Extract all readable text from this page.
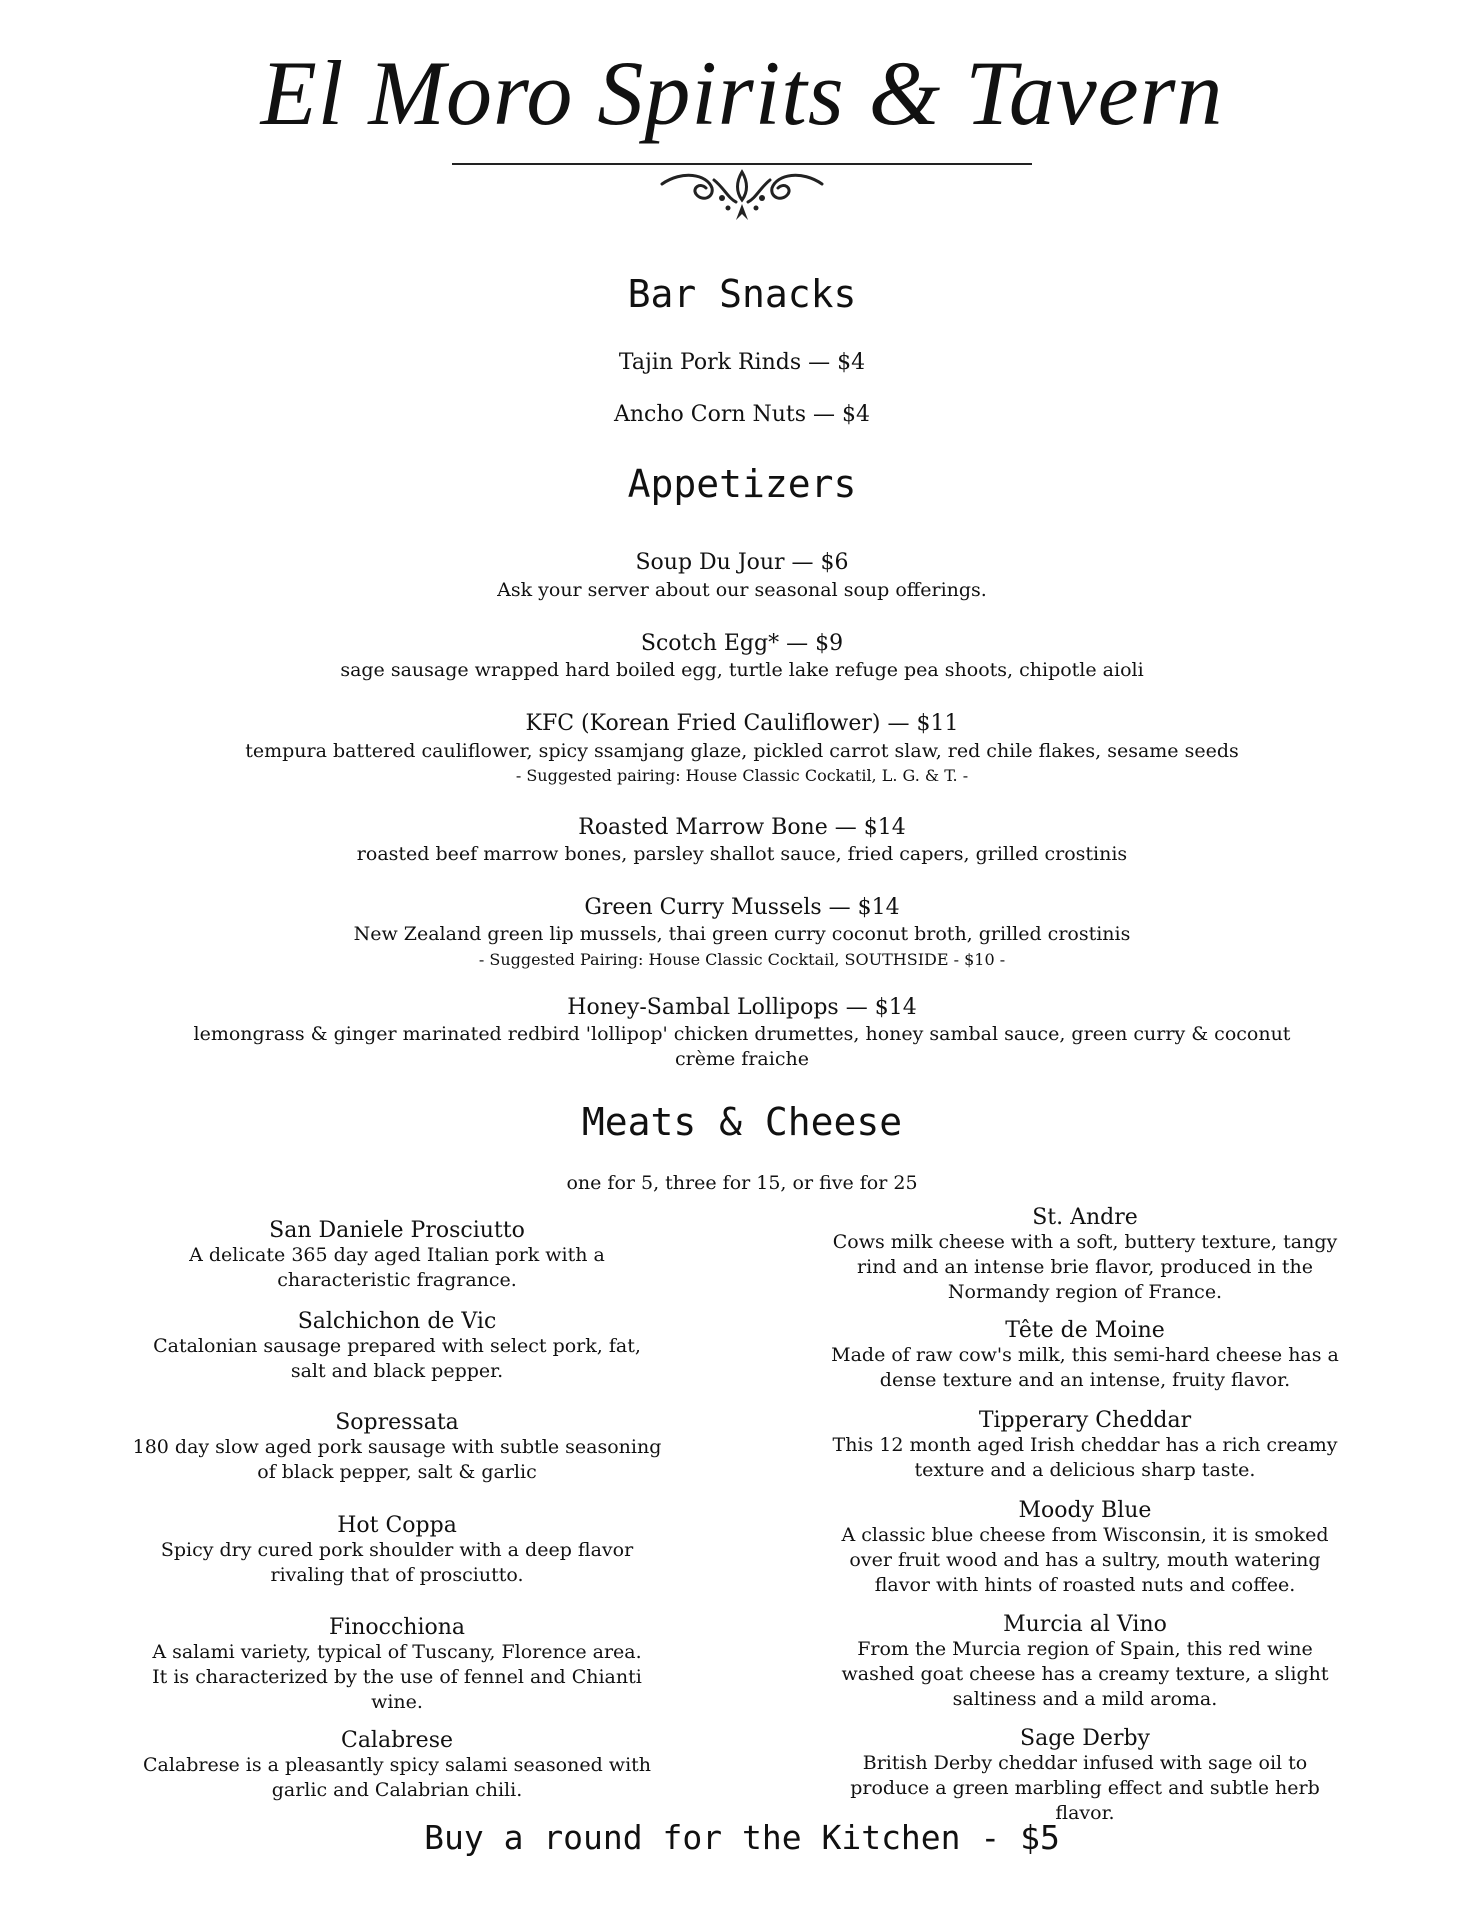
El Moro Spirits & Tavern
Bar Snacks
Tajin Pork Rinds — $4
Ancho Corn Nuts — $4
Appetizers
Soup Du Jour — $6
Ask your server about our seasonal soup offerings.
Scotch Egg* — $9
sage sausage wrapped hard boiled egg, turtle lake refuge pea shoots, chipotle aioli
KFC (Korean Fried Cauliflower) — $11
tempura battered cauliflower, spicy ssamjang glaze, pickled carrot slaw, red chile flakes, sesame seeds
- Suggested pairing: House Classic Cockatil, L. G. & T. -
Roasted Marrow Bone — $14
roasted beef marrow bones, parsley shallot sauce, fried capers, grilled crostinis
Green Curry Mussels — $14
New Zealand green lip mussels, thai green curry coconut broth, grilled crostinis
- Suggested Pairing: House Classic Cocktail, SOUTHSIDE - $10 -
Honey-Sambal Lollipops — $14
lemongrass & ginger marinated redbird 'lollipop' chicken drumettes, honey sambal sauce, green curry & coconut
crème fraiche
Meats & Cheese
one for 5, three for 15, or five for 25
San Daniele Prosciutto
A delicate 365 day aged Italian pork with a
characteristic fragrance.
Salchichon de Vic
Catalonian sausage prepared with select pork, fat,
salt and black pepper.
Sopressata
180 day slow aged pork sausage with subtle seasoning
of black pepper, salt & garlic
Hot Coppa
Spicy dry cured pork shoulder with a deep flavor
rivaling that of prosciutto.
Finocchiona
A salami variety, typical of Tuscany, Florence area.
It is characterized by the use of fennel and Chianti
wine.
Calabrese
Calabrese is a pleasantly spicy salami seasoned with
garlic and Calabrian chili.
St. Andre
Cows milk cheese with a soft, buttery texture, tangy
rind and an intense brie flavor, produced in the
Normandy region of France.
Tête de Moine
Made of raw cow's milk, this semi-hard cheese has a
dense texture and an intense, fruity flavor.
Tipperary Cheddar
This 12 month aged Irish cheddar has a rich creamy
texture and a delicious sharp taste.
Moody Blue
A classic blue cheese from Wisconsin, it is smoked
over fruit wood and has a sultry, mouth watering
flavor with hints of roasted nuts and coffee.
Murcia al Vino
From the Murcia region of Spain, this red wine
washed goat cheese has a creamy texture, a slight
saltiness and a mild aroma.
Sage Derby
British Derby cheddar infused with sage oil to
produce a green marbling effect and subtle herb
flavor.
Buy a round for the Kitchen - $5
